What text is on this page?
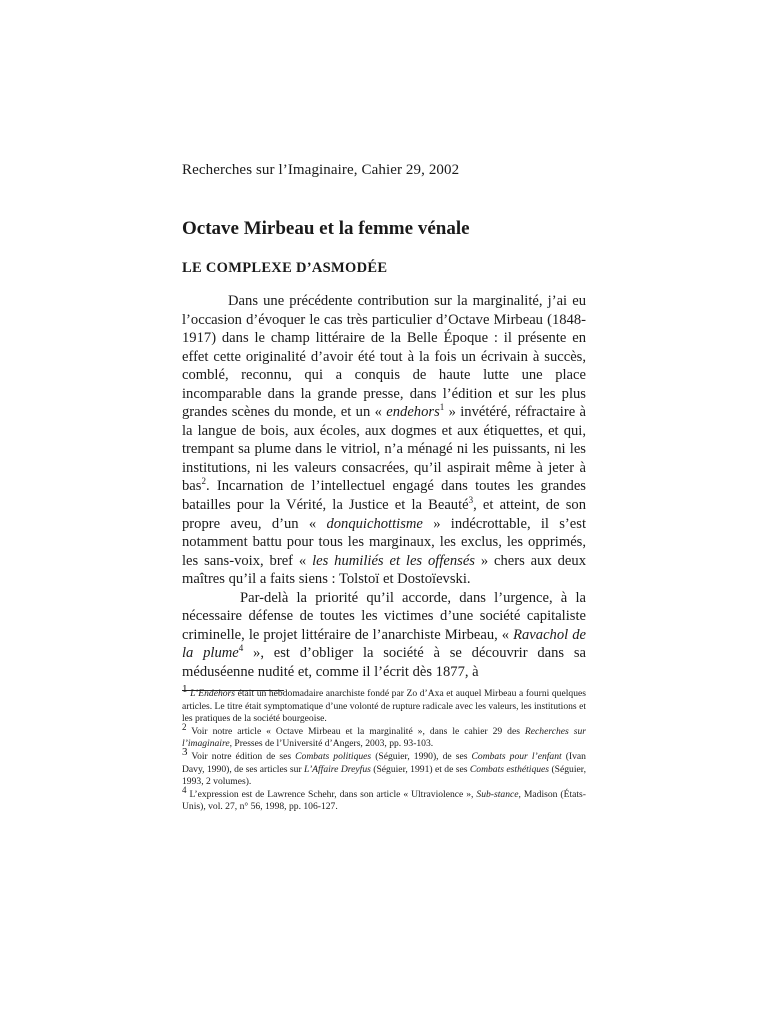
Recherches sur l’Imaginaire, Cahier 29, 2002
Octave Mirbeau et la femme vénale
LE COMPLEXE D’ASMODÉE

Dans une précédente contribution sur la marginalité, j’ai eu l’occasion d’évoquer le cas très particulier d’Octave Mirbeau (1848-1917) dans le champ littéraire de la Belle Époque : il présente en effet cette originalité d’avoir été tout à la fois un écrivain à succès, comblé, reconnu, qui a conquis de haute lutte une place incomparable dans la grande presse, dans l’édition et sur les plus grandes scènes du monde, et un « endehors$^1$ » invétéré, réfractaire à la langue de bois, aux écoles, aux dogmes et aux étiquettes, et qui, trempant sa plume dans le vitriol, n’a ménagé ni les puissants, ni les institutions, ni les valeurs consacrées, qu’il aspirait même à jeter à bas$^2$. Incarnation de l’intellectuel engagé dans toutes les grandes batailles pour la Vérité, la Justice et la Beauté$^3$, et atteint, de son propre aveu, d’un « donquichottisme » indécrottable, il s’est notamment battu pour tous les marginaux, les exclus, les opprimés, les sans-voix, bref « les humiliés et les offensés » chers aux deux maîtres qu’il a faits siens : Tolstoï et Dostoïevski.

Par-delà la priorité qu’il accorde, dans l’urgence, à la nécessaire défense de toutes les victimes d’une société capitaliste criminelle, le projet littéraire de l’anarchiste Mirbeau, « Ravachol de la plume$^4$ », est d’obliger la société à se découvrir dans sa méduséenne nudité et, comme il l’écrit dès 1877, à

$^1$ L’Endehors était un hebdomadaire anarchiste fondé par Zo d’Axa et auquel Mirbeau a fourni quelques articles. Le titre était symptomatique d’une volonté de rupture radicale avec les valeurs, les institutions et les pratiques de la société bourgeoise.

$^2$ Voir notre article « Octave Mirbeau et la marginalité », dans le cahier 29 des Recherches sur l’imaginaire, Presses de l’Université d’Angers, 2003, pp. 93-103.

$^3$ Voir notre édition de ses Combats politiques (Séguier, 1990), de ses Combats pour l’enfant (Ivan Davy, 1990), de ses articles sur L’Affaire Dreyfus (Séguier, 1991) et de ses Combats esthétiques (Séguier, 1993, 2 volumes).

$^4$ L’expression est de Lawrence Schehr, dans son article « Ultraviolence », Sub-stance, Madison (États-Unis), vol. 27, n° 56, 1998, pp. 106-127.
